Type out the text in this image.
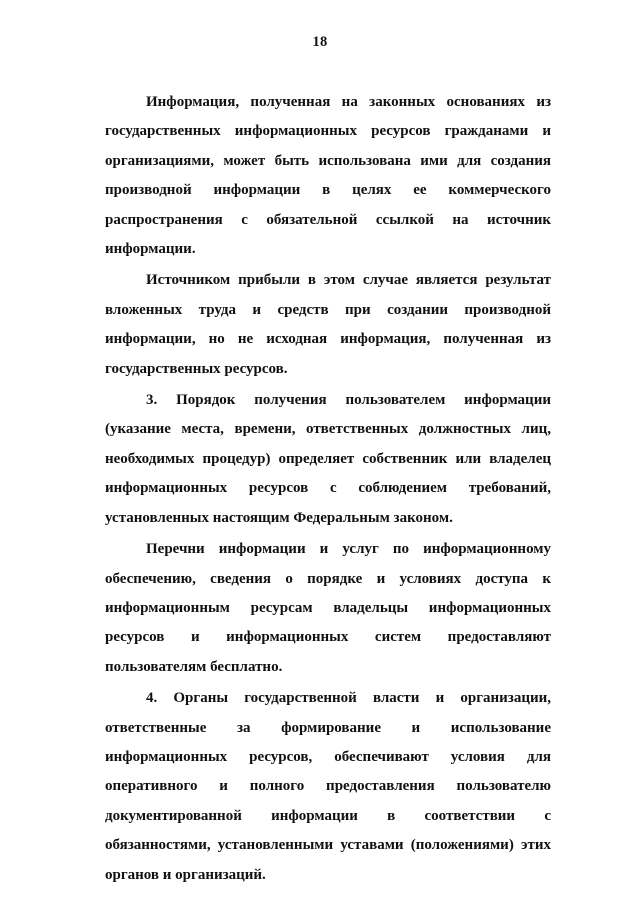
18

Информация, полученная на законных основаниях из государственных информационных ресурсов гражданами и организациями, может быть использована ими для создания производной информации в целях ее коммерческого распространения с обязательной ссылкой на источник информации.

Источником прибыли в этом случае является результат вложенных труда и средств при создании производной информации, но не исходная информация, полученная из государственных ресурсов.

3. Порядок получения пользователем информации (указание места, времени, ответственных должностных лиц, необходимых процедур) определяет собственник или владелец информационных ресурсов с соблюдением требований, установленных настоящим Федеральным законом.

Перечни информации и услуг по информационному обеспечению, сведения о порядке и условиях доступа к информационным ресурсам владельцы информационных ресурсов и информационных систем предоставляют пользователям бесплатно.

4. Органы государственной власти и организации, ответственные за формирование и использование информационных ресурсов, обеспечивают условия для оперативного и полного предоставления пользователю документированной информации в соответствии с обязанностями, установленными уставами (положениями) этих органов и организаций.
